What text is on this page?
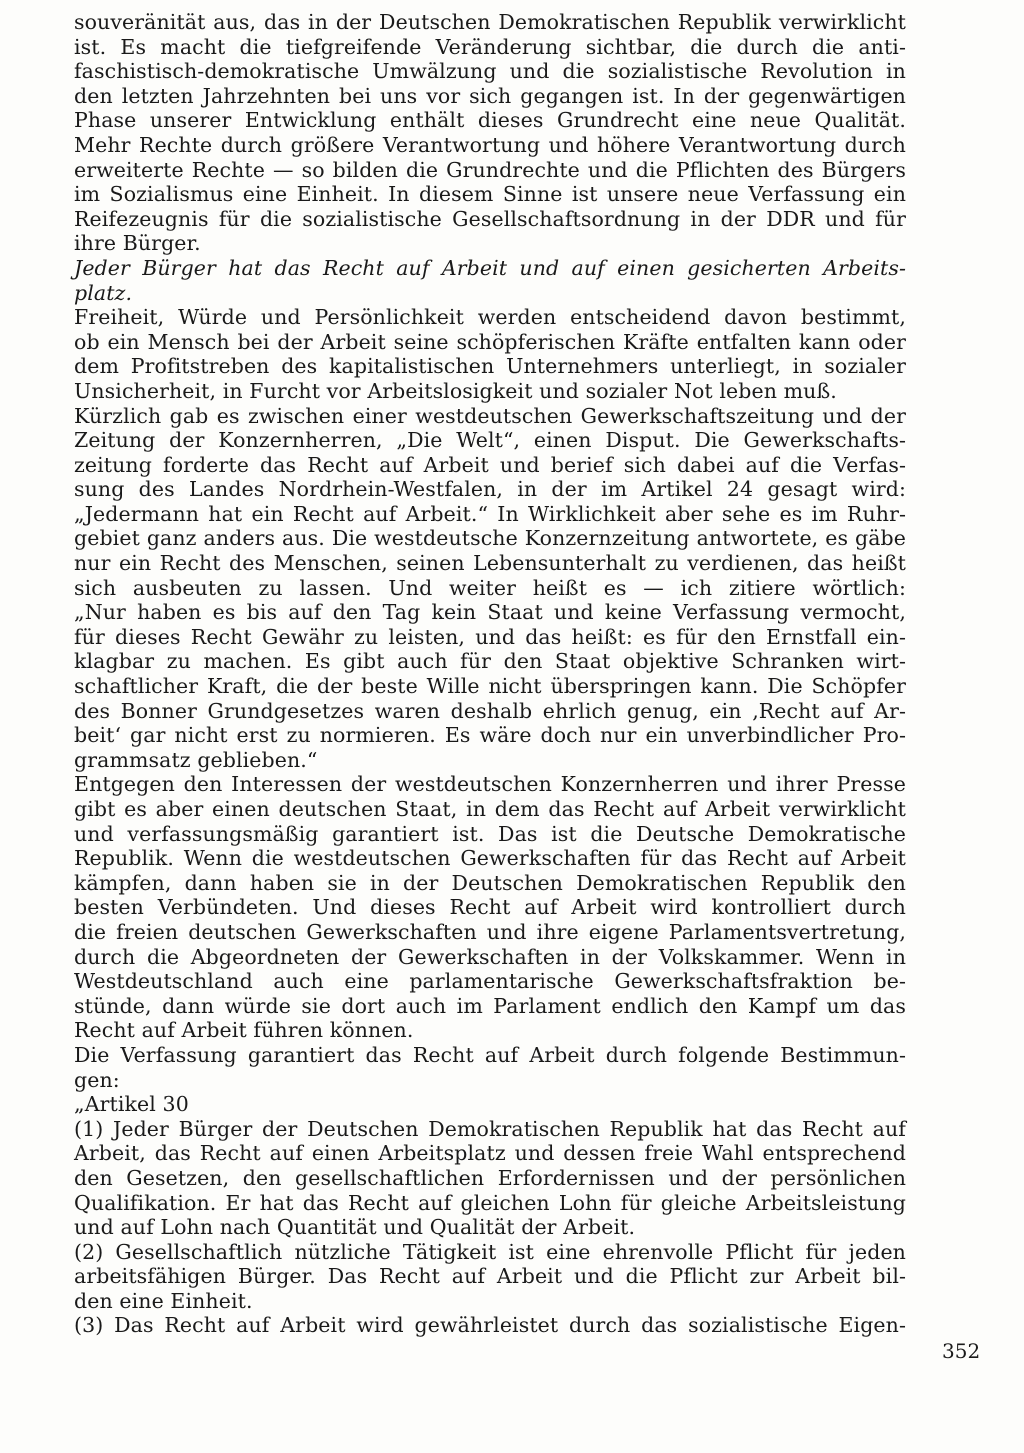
souveränität aus, das in der Deutschen Demokratischen Republik verwirklicht
ist. Es macht die tiefgreifende Veränderung sichtbar, die durch die anti-
faschistisch-demokratische Umwälzung und die sozialistische Revolution in
den letzten Jahrzehnten bei uns vor sich gegangen ist. In der gegenwärtigen
Phase unserer Entwicklung enthält dieses Grundrecht eine neue Qualität.
Mehr Rechte durch größere Verantwortung und höhere Verantwortung durch
erweiterte Rechte — so bilden die Grundrechte und die Pflichten des Bürgers
im Sozialismus eine Einheit. In diesem Sinne ist unsere neue Verfassung ein
Reifezeugnis für die sozialistische Gesellschaftsordnung in der DDR und für
ihre Bürger.
Jeder Bürger hat das Recht auf Arbeit und auf einen gesicherten Arbeits-
platz.
Freiheit, Würde und Persönlichkeit werden entscheidend davon bestimmt,
ob ein Mensch bei der Arbeit seine schöpferischen Kräfte entfalten kann oder
dem Profitstreben des kapitalistischen Unternehmers unterliegt, in sozialer
Unsicherheit, in Furcht vor Arbeitslosigkeit und sozialer Not leben muß.
Kürzlich gab es zwischen einer westdeutschen Gewerkschaftszeitung und der
Zeitung der Konzernherren, „Die Welt“, einen Disput. Die Gewerkschafts-
zeitung forderte das Recht auf Arbeit und berief sich dabei auf die Verfas-
sung des Landes Nordrhein-Westfalen, in der im Artikel 24 gesagt wird:
„Jedermann hat ein Recht auf Arbeit.“ In Wirklichkeit aber sehe es im Ruhr-
gebiet ganz anders aus. Die westdeutsche Konzernzeitung antwortete, es gäbe
nur ein Recht des Menschen, seinen Lebensunterhalt zu verdienen, das heißt
sich ausbeuten zu lassen. Und weiter heißt es — ich zitiere wörtlich:
„Nur haben es bis auf den Tag kein Staat und keine Verfassung vermocht,
für dieses Recht Gewähr zu leisten, und das heißt: es für den Ernstfall ein-
klagbar zu machen. Es gibt auch für den Staat objektive Schranken wirt-
schaftlicher Kraft, die der beste Wille nicht überspringen kann. Die Schöpfer
des Bonner Grundgesetzes waren deshalb ehrlich genug, ein ‚Recht auf Ar-
beit‘ gar nicht erst zu normieren. Es wäre doch nur ein unverbindlicher Pro-
grammsatz geblieben.“
Entgegen den Interessen der westdeutschen Konzernherren und ihrer Presse
gibt es aber einen deutschen Staat, in dem das Recht auf Arbeit verwirklicht
und verfassungsmäßig garantiert ist. Das ist die Deutsche Demokratische
Republik. Wenn die westdeutschen Gewerkschaften für das Recht auf Arbeit
kämpfen, dann haben sie in der Deutschen Demokratischen Republik den
besten Verbündeten. Und dieses Recht auf Arbeit wird kontrolliert durch
die freien deutschen Gewerkschaften und ihre eigene Parlamentsvertretung,
durch die Abgeordneten der Gewerkschaften in der Volkskammer. Wenn in
Westdeutschland auch eine parlamentarische Gewerkschaftsfraktion be-
stünde, dann würde sie dort auch im Parlament endlich den Kampf um das
Recht auf Arbeit führen können.
Die Verfassung garantiert das Recht auf Arbeit durch folgende Bestimmun-
gen:
„Artikel 30
(1) Jeder Bürger der Deutschen Demokratischen Republik hat das Recht auf
Arbeit, das Recht auf einen Arbeitsplatz und dessen freie Wahl entsprechend
den Gesetzen, den gesellschaftlichen Erfordernissen und der persönlichen
Qualifikation. Er hat das Recht auf gleichen Lohn für gleiche Arbeitsleistung
und auf Lohn nach Quantität und Qualität der Arbeit.
(2) Gesellschaftlich nützliche Tätigkeit ist eine ehrenvolle Pflicht für jeden
arbeitsfähigen Bürger. Das Recht auf Arbeit und die Pflicht zur Arbeit bil-
den eine Einheit.
(3) Das Recht auf Arbeit wird gewährleistet durch das sozialistische Eigen-
352
